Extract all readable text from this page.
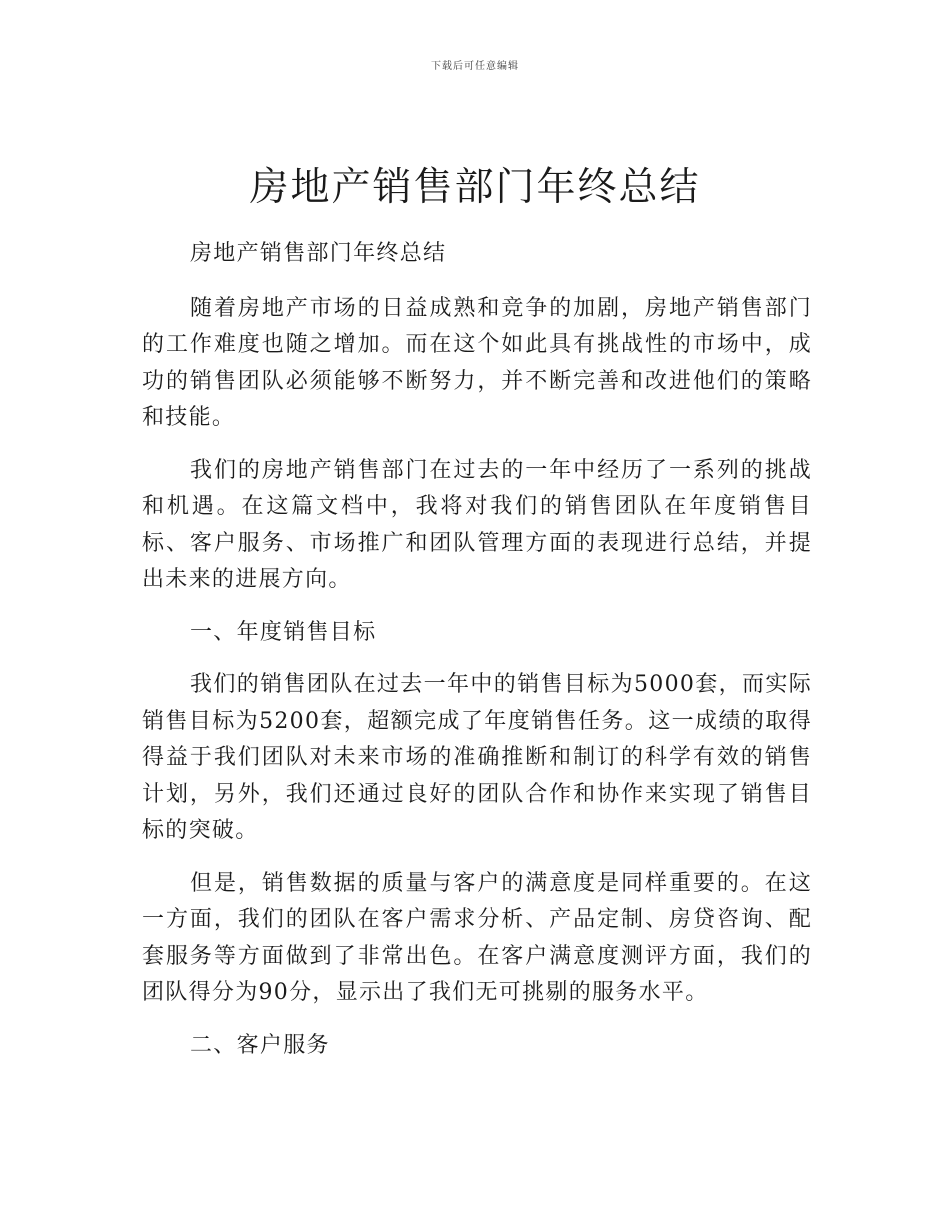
下载后可任意编辑
房地产销售部门年终总结

房地产销售部门年终总结

随着房地产市场的日益成熟和竞争的加剧，房地产销售部门的工作难度也随之增加。而在这个如此具有挑战性的市场中，成功的销售团队必须能够不断努力，并不断完善和改进他们的策略和技能。

我们的房地产销售部门在过去的一年中经历了一系列的挑战和机遇。在这篇文档中，我将对我们的销售团队在年度销售目标、客户服务、市场推广和团队管理方面的表现进行总结，并提出未来的进展方向。

一、年度销售目标

我们的销售团队在过去一年中的销售目标为5000套，而实际销售目标为5200套，超额完成了年度销售任务。这一成绩的取得得益于我们团队对未来市场的准确推断和制订的科学有效的销售计划，另外，我们还通过良好的团队合作和协作来实现了销售目标的突破。

但是，销售数据的质量与客户的满意度是同样重要的。在这一方面，我们的团队在客户需求分析、产品定制、房贷咨询、配套服务等方面做到了非常出色。在客户满意度测评方面，我们的团队得分为90分，显示出了我们无可挑剔的服务水平。

二、客户服务
